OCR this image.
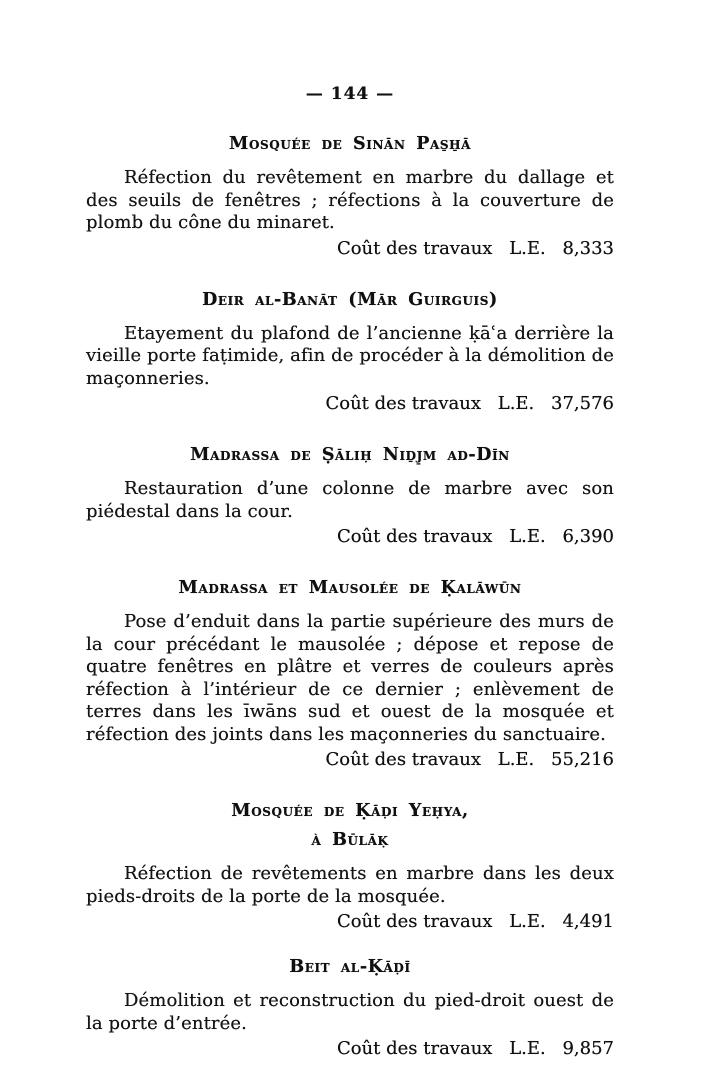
— 144 —
Mosquée de Sinān Pas̱ẖā

Réfection du revêtement en marbre du dallage et des seuils de fenêtres ; réfections à la couverture de plomb du cône du minaret.

Coût des travaux L.E. 8,333
Deir al-Banāt (Mār Guirguis)

Etayement du plafond de l’ancienne ḳāʿa derrière la vieille porte faṭimide, afin de procéder à la démolition de maçonneries.

Coût des travaux L.E. 37,576
Madrassa de Ṣāliḥ Niḏj̱m ad-Dīn

Restauration d’une colonne de marbre avec son piédestal dans la cour.

Coût des travaux L.E. 6,390
Madrassa et Mausolée de Ḳalāwūn

Pose d’enduit dans la partie supérieure des murs de la cour précédant le mausolée ; dépose et repose de quatre fenêtres en plâtre et verres de couleurs après réfection à l’intérieur de ce dernier ; enlèvement de terres dans les īwāns sud et ouest de la mosquée et réfection des joints dans les maçonneries du sanctuaire.

Coût des travaux L.E. 55,216
Mosquée de Ḳāḍi Yeḥya,
à Būlāḳ

Réfection de revêtements en marbre dans les deux pieds-droits de la porte de la mosquée.

Coût des travaux L.E. 4,491
Beit al-Ḳāḍī

Démolition et reconstruction du pied-droit ouest de la porte d’entrée.

Coût des travaux L.E. 9,857
